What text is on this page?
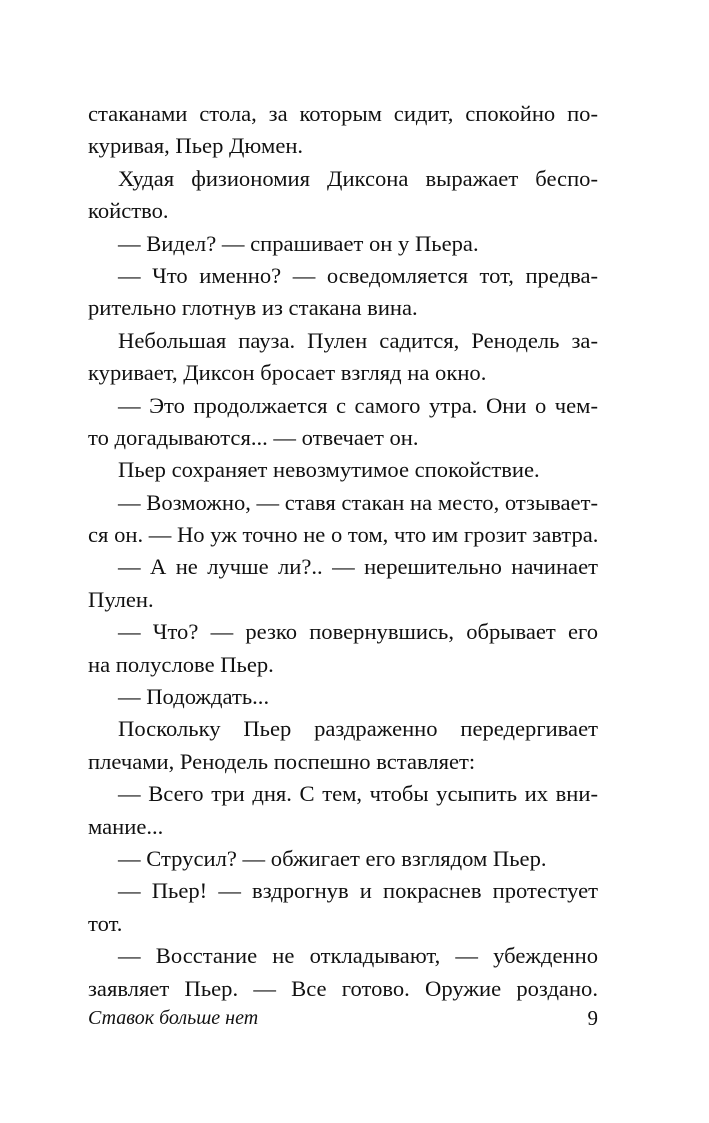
стаканами стола, за которым сидит, спокойно по-
куривая, Пьер Дюмен.
Худая физиономия Диксона выражает беспо-
койство.
— Видел? — спрашивает он у Пьера.
— Что именно? — осведомляется тот, предва-
рительно глотнув из стакана вина.
Небольшая пауза. Пулен садится, Ренодель за-
куривает, Диксон бросает взгляд на окно.
— Это продолжается с самого утра. Они о чем-
то догадываются... — отвечает он.
Пьер сохраняет невозмутимое спокойствие.
— Возможно, — ставя стакан на место, отзывает-
ся он. — Но уж точно не о том, что им грозит завтра.
— А не лучше ли?.. — нерешительно начинает
Пулен.
— Что? — резко повернувшись, обрывает его
на полуслове Пьер.
— Подождать...
Поскольку Пьер раздраженно передергивает
плечами, Ренодель поспешно вставляет:
— Всего три дня. С тем, чтобы усыпить их вни-
мание...
— Струсил? — обжигает его взглядом Пьер.
— Пьер! — вздрогнув и покраснев протестует
тот.
— Восстание не откладывают, — убежденно
заявляет Пьер. — Все готово. Оружие роздано.
Ставок больше нет	9
